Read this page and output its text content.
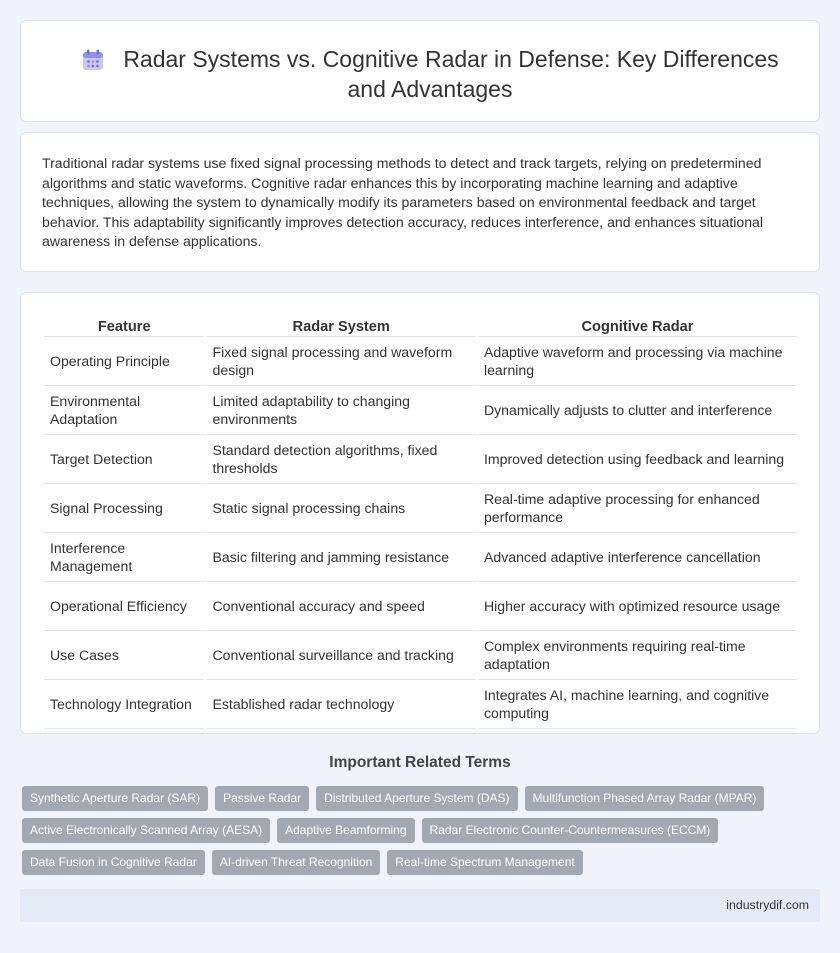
Radar Systems vs. Cognitive Radar in Defense: Key Differences and Advantages

Traditional radar systems use fixed signal processing methods to detect and track targets, relying on predetermined algorithms and static waveforms. Cognitive radar enhances this by incorporating machine learning and adaptive techniques, allowing the system to dynamically modify its parameters based on environmental feedback and target behavior. This adaptability significantly improves detection accuracy, reduces interference, and enhances situational awareness in defense applications.

Feature	Radar System	Cognitive Radar
Operating Principle	Fixed signal processing and waveform design	Adaptive waveform and processing via machine learning
Environmental Adaptation	Limited adaptability to changing environments	Dynamically adjusts to clutter and interference
Target Detection	Standard detection algorithms, fixed thresholds	Improved detection using feedback and learning
Signal Processing	Static signal processing chains	Real-time adaptive processing for enhanced performance
Interference Management	Basic filtering and jamming resistance	Advanced adaptive interference cancellation
Operational Efficiency	Conventional accuracy and speed	Higher accuracy with optimized resource usage
Use Cases	Conventional surveillance and tracking	Complex environments requiring real-time adaptation
Technology Integration	Established radar technology	Integrates AI, machine learning, and cognitive computing
Important Related Terms
Synthetic Aperture Radar (SAR)	Passive Radar	Distributed Aperture System (DAS)	Multifunction Phased Array Radar (MPAR)
Active Electronically Scanned Array (AESA)	Adaptive Beamforming	Radar Electronic Counter-Countermeasures (ECCM)
Data Fusion in Cognitive Radar	AI-driven Threat Recognition	Real-time Spectrum Management
industrydif.com
